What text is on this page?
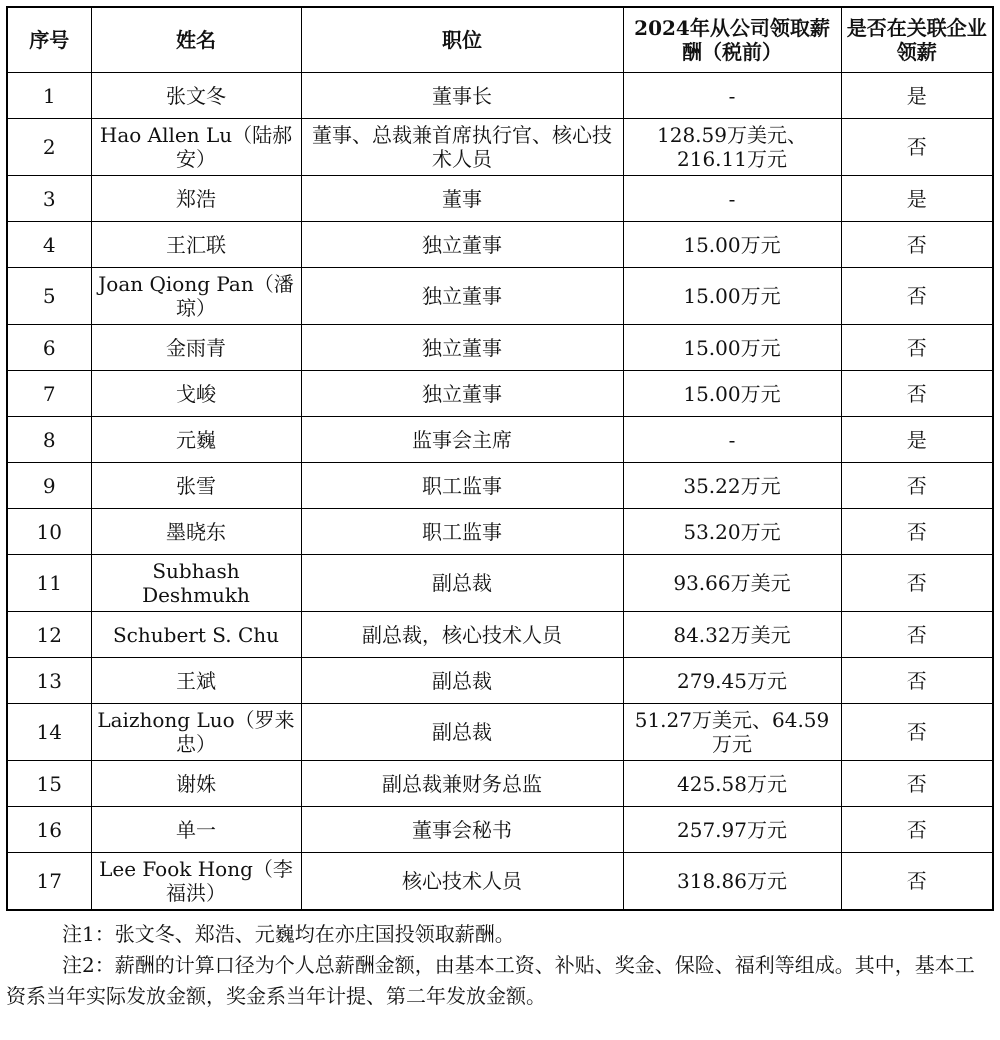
序号	姓名	职位	2024年从公司领取薪酬（税前）	是否在关联企业领薪
1	张文冬	董事长	-	是
2	Hao Allen Lu（陆郝安）	董事、总裁兼首席执行官、核心技术人员	128.59万美元、216.11万元	否
3	郑浩	董事	-	是
4	王汇联	独立董事	15.00万元	否
5	Joan Qiong Pan（潘琼）	独立董事	15.00万元	否
6	金雨青	独立董事	15.00万元	否
7	戈峻	独立董事	15.00万元	否
8	元巍	监事会主席	-	是
9	张雪	职工监事	35.22万元	否
10	墨晓东	职工监事	53.20万元	否
11	Subhash Deshmukh	副总裁	93.66万美元	否
12	Schubert S. Chu	副总裁，核心技术人员	84.32万美元	否
13	王斌	副总裁	279.45万元	否
14	Laizhong Luo（罗来忠）	副总裁	51.27万美元、64.59万元	否
15	谢姝	副总裁兼财务总监	425.58万元	否
16	单一	董事会秘书	257.97万元	否
17	Lee Fook Hong（李福洪）	核心技术人员	318.86万元	否

注1：张文冬、郑浩、元巍均在亦庄国投领取薪酬。

注2：薪酬的计算口径为个人总薪酬金额，由基本工资、补贴、奖金、保险、福利等组成。其中，基本工资系当年实际发放金额，奖金系当年计提、第二年发放金额。
